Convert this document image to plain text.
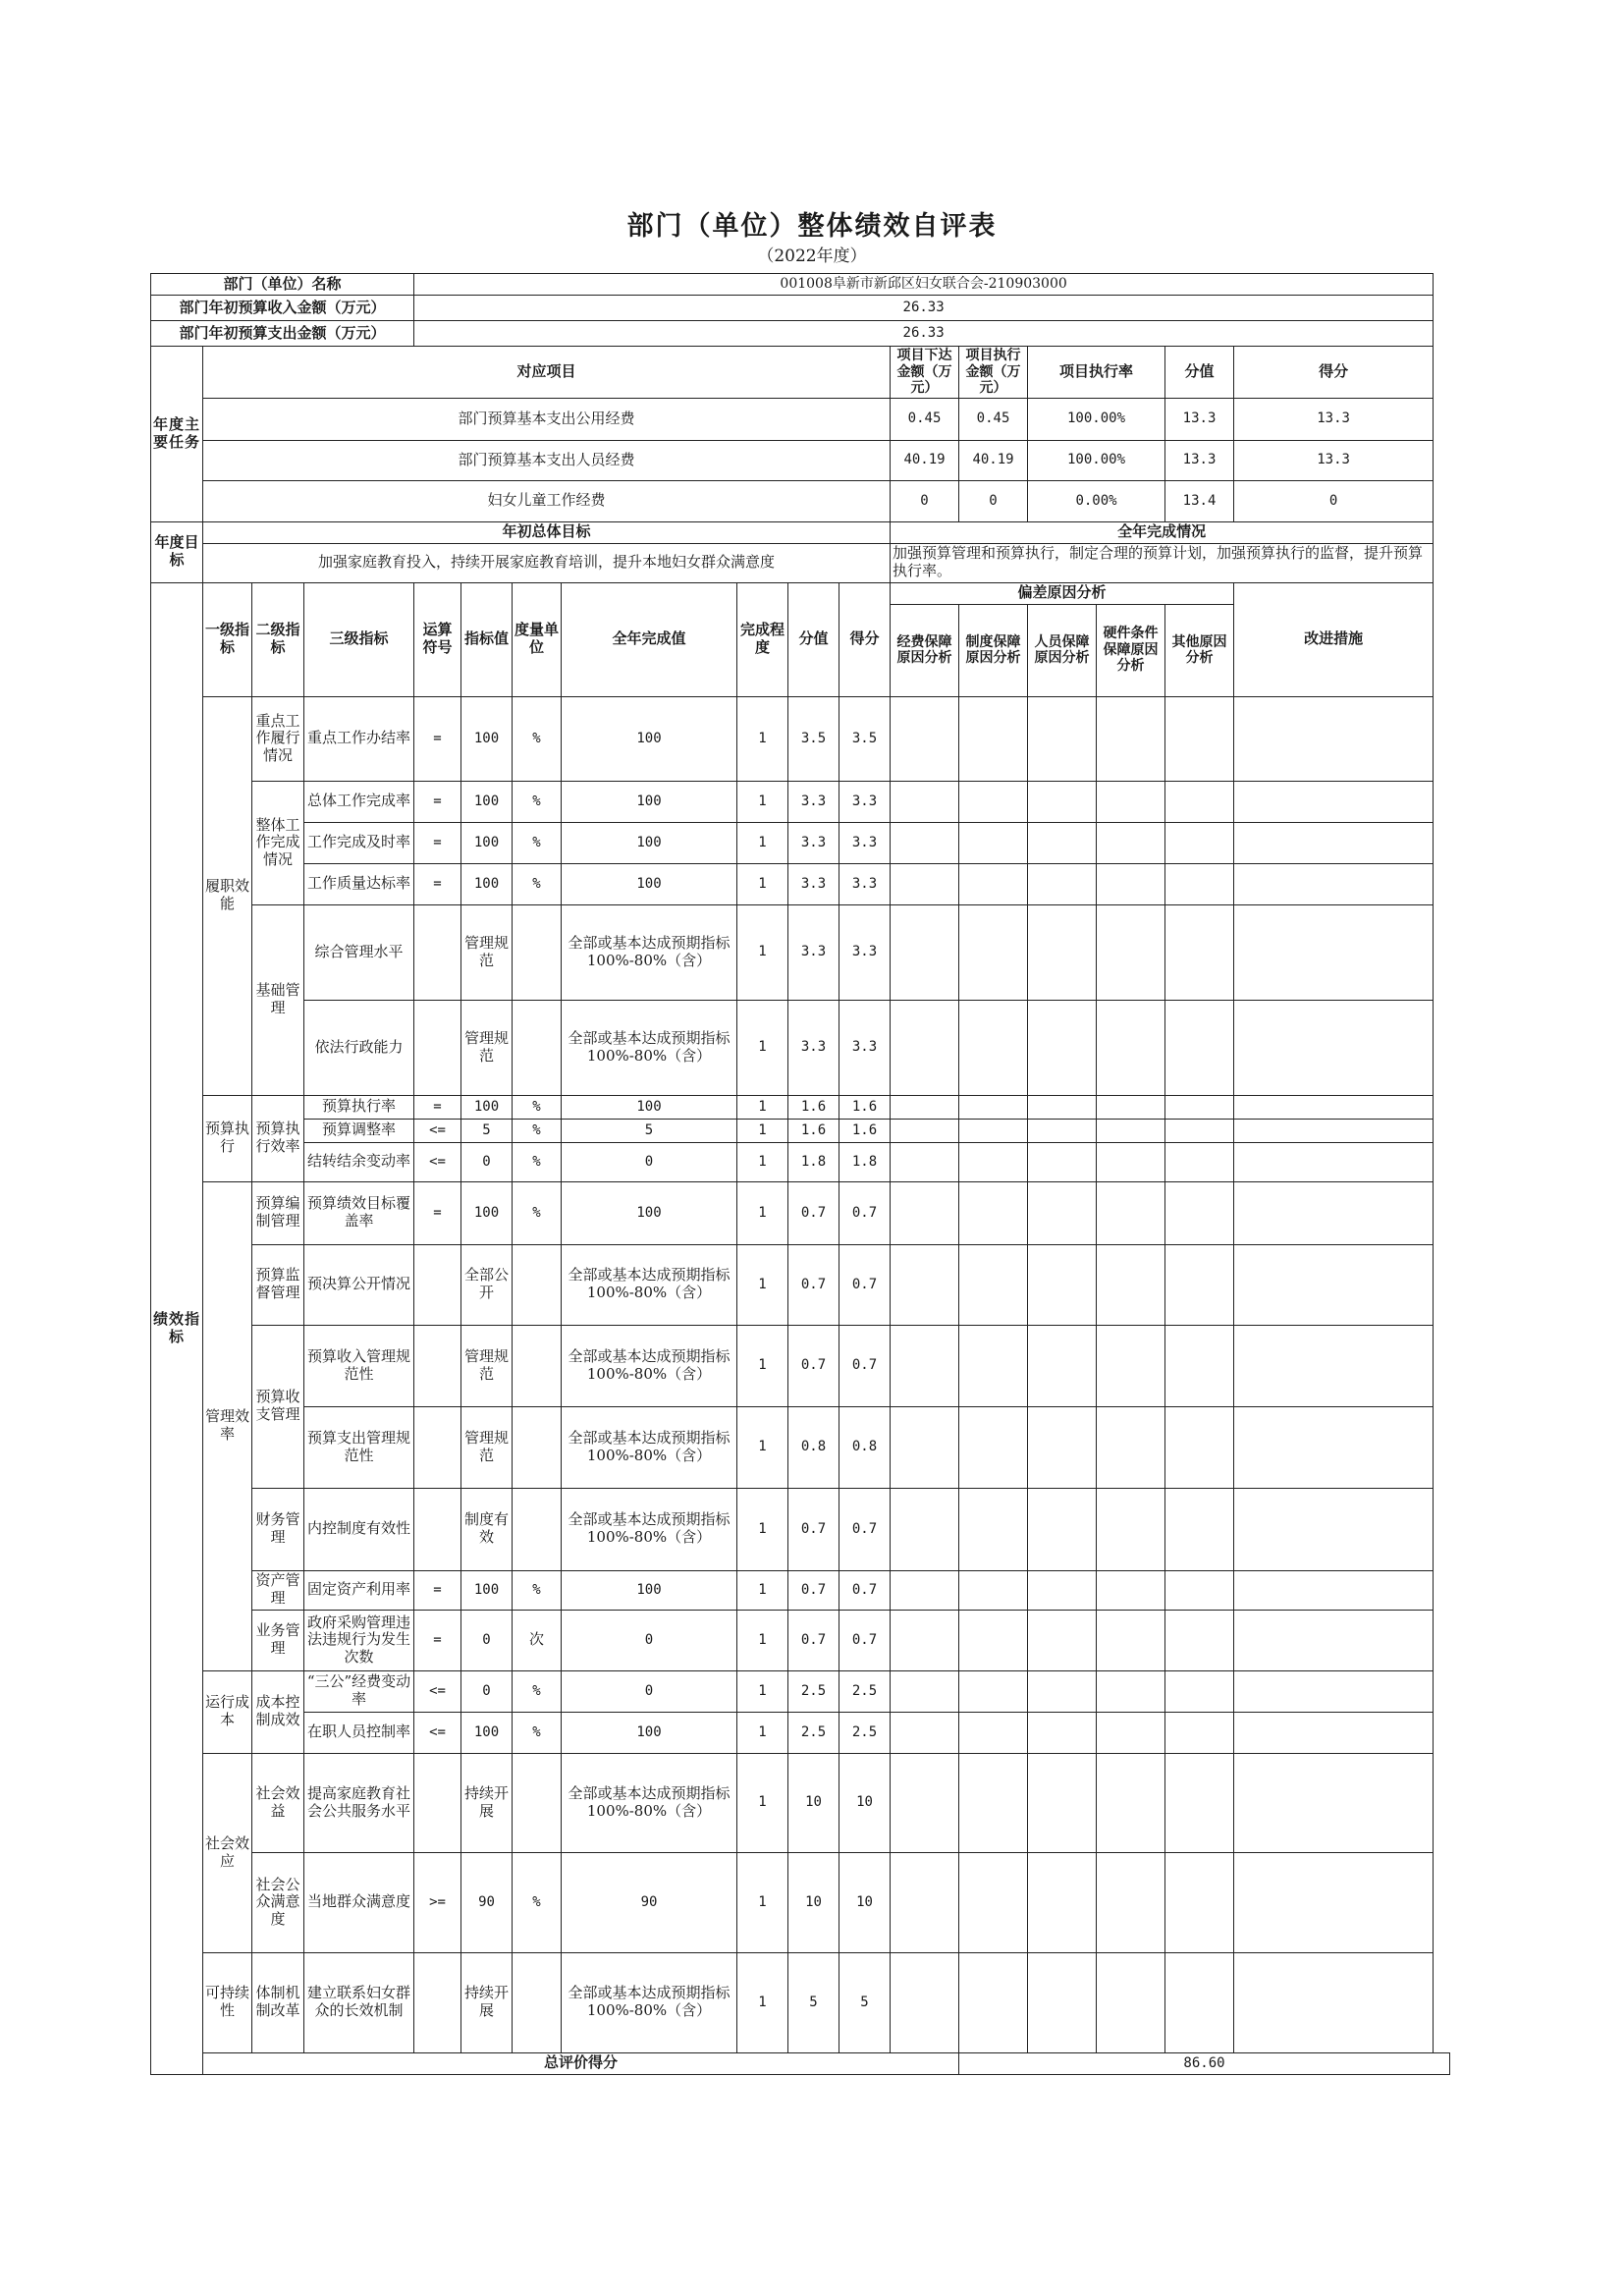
部门（单位）整体绩效自评表
（2022年度）
部门（单位）名称				001008阜新市新邱区妇女联合会-210903000												
部门年初预算收入金额（万元）				26.33												
部门年初预算支出金额（万元）				26.33												
年度主要任务	对应项目										项目下达金额（万元）	项目执行金额（万元）	项目执行率		分值	得分
	部门预算基本支出公用经费										0.45	0.45	100.00%		13.3	13.3
	部门预算基本支出人员经费										40.19	40.19	100.00%		13.3	13.3
	妇女儿童工作经费										0	0	0.00%		13.4	0
年度目标	年初总体目标										全年完成情况					
	加强家庭教育投入，持续开展家庭教育培训，提升本地妇女群众满意度										加强预算管理和预算执行，制定合理的预算计划，加强预算执行的监督，提升预算执行率。					
绩效指标	一级指标	二级指标	三级指标	运算符号	指标值	度量单位	全年完成值	完成程度	分值	得分	偏差原因分析					改进措施
											经费保障原因分析	制度保障原因分析	人员保障原因分析	硬件条件保障原因分析	其他原因分析	
	履职效能	重点工作履行情况	重点工作办结率	=	100	%	100	1	3.5	3.5						
		整体工作完成情况	总体工作完成率	=	100	%	100	1	3.3	3.3						
			工作完成及时率	=	100	%	100	1	3.3	3.3						
			工作质量达标率	=	100	%	100	1	3.3	3.3						
		基础管理	综合管理水平		管理规范		全部或基本达成预期指标100%-80%（含）	1	3.3	3.3						
			依法行政能力		管理规范		全部或基本达成预期指标100%-80%（含）	1	3.3	3.3						
	预算执行	预算执行效率	预算执行率	=	100	%	100	1	1.6	1.6						
			预算调整率	<=	5	%	5	1	1.6	1.6						
			结转结余变动率	<=	0	%	0	1	1.8	1.8						
	管理效率	预算编制管理	预算绩效目标覆盖率	=	100	%	100	1	0.7	0.7						
		预算监督管理	预决算公开情况		全部公开		全部或基本达成预期指标100%-80%（含）	1	0.7	0.7						
		预算收支管理	预算收入管理规范性		管理规范		全部或基本达成预期指标100%-80%（含）	1	0.7	0.7						
			预算支出管理规范性		管理规范		全部或基本达成预期指标100%-80%（含）	1	0.8	0.8						
		财务管理	内控制度有效性		制度有效		全部或基本达成预期指标100%-80%（含）	1	0.7	0.7						
		资产管理	固定资产利用率	=	100	%	100	1	0.7	0.7						
		业务管理	政府采购管理违法违规行为发生次数	=	0	次	0	1	0.7	0.7						
	运行成本	成本控制成效	“三公”经费变动率	<=	0	%	0	1	2.5	2.5						
			在职人员控制率	<=	100	%	100	1	2.5	2.5						
	社会效应	社会效益	提高家庭教育社会公共服务水平		持续开展		全部或基本达成预期指标100%-80%（含）	1	10	10						
		社会公众满意度	当地群众满意度	>=	90	%	90	1	10	10						
	可持续性	体制机制改革	建立联系妇女群众的长效机制		持续开展		全部或基本达成预期指标100%-80%（含）	1	5	5						
	总评价得分											86.60				
